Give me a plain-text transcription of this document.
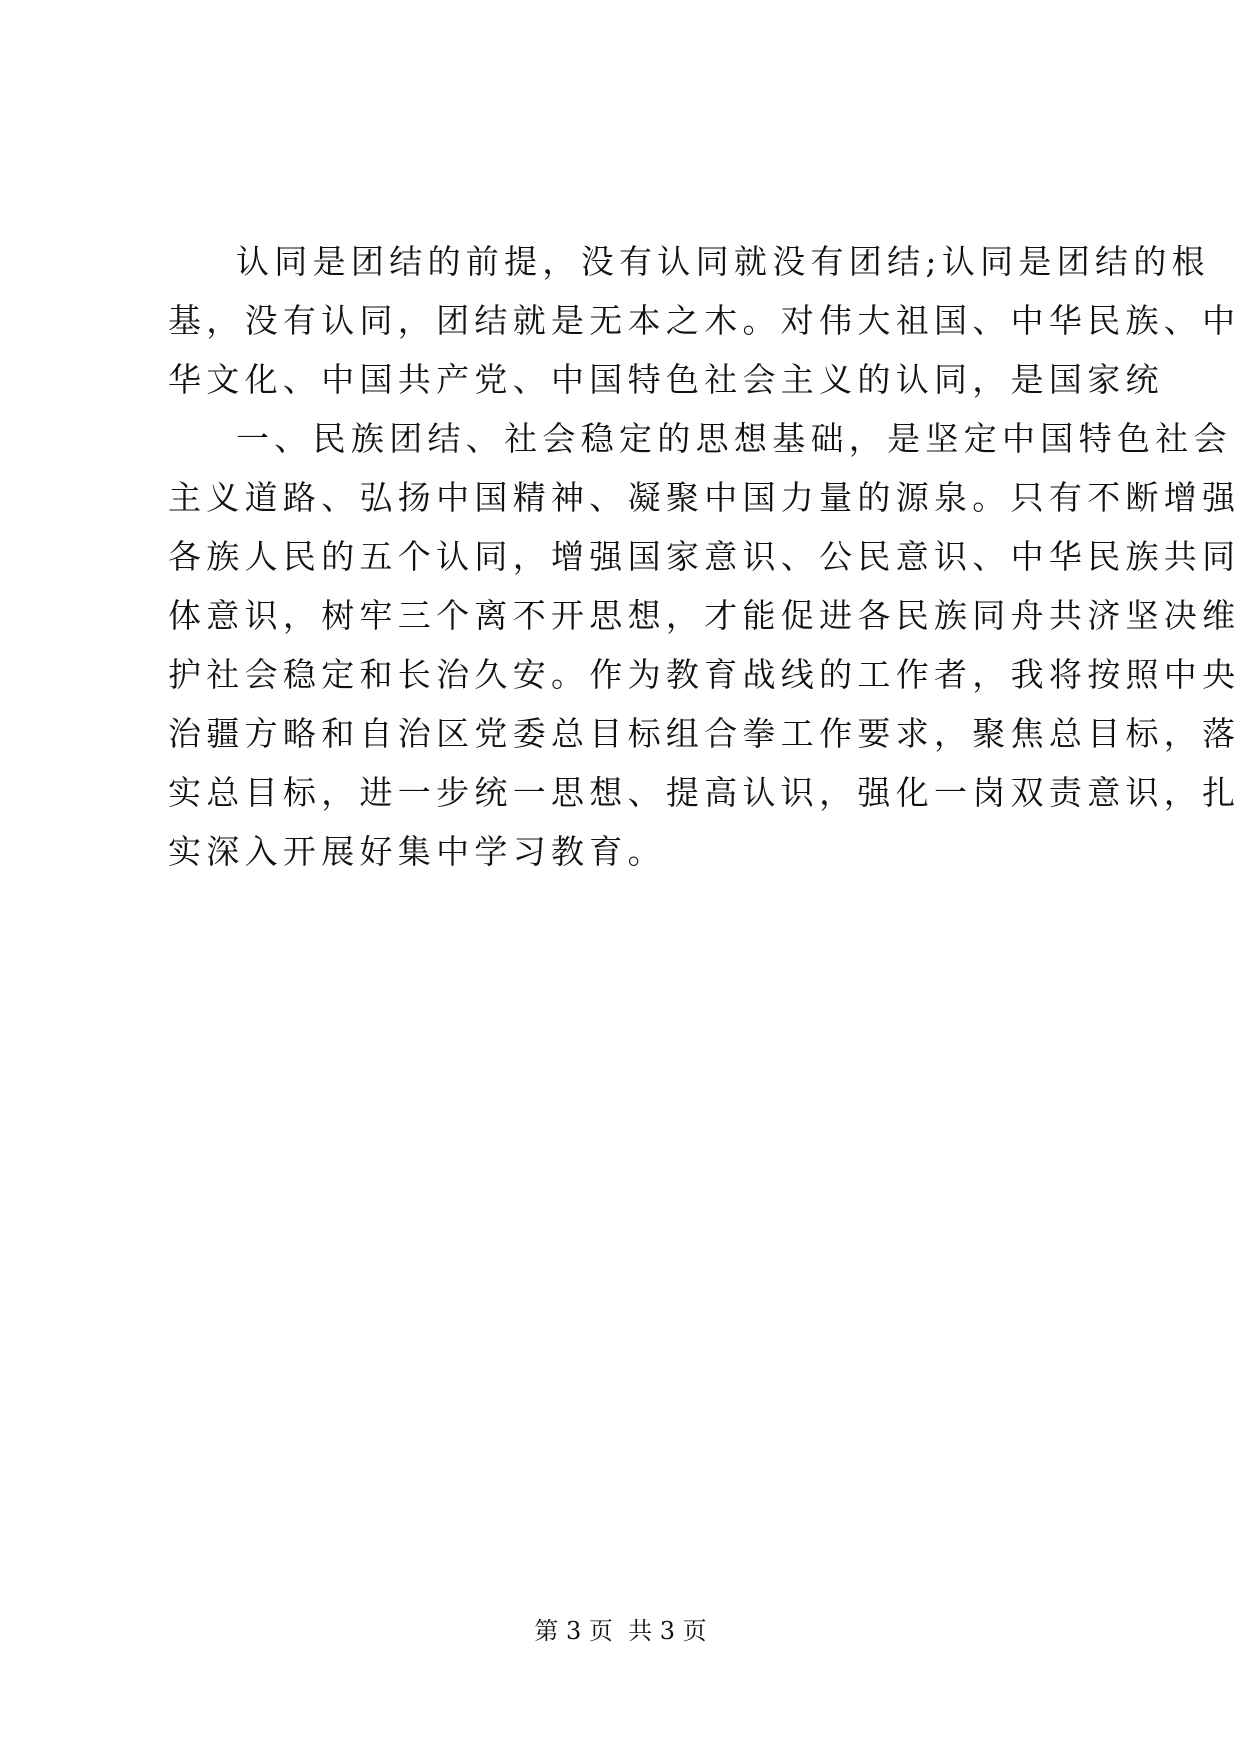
认同是团结的前提，没有认同就没有团结;认同是团结的根
基，没有认同，团结就是无本之木。对伟大祖国、中华民族、中
华文化、中国共产党、中国特色社会主义的认同，是国家统
一、民族团结、社会稳定的思想基础，是坚定中国特色社会
主义道路、弘扬中国精神、凝聚中国力量的源泉。只有不断增强
各族人民的五个认同，增强国家意识、公民意识、中华民族共同
体意识，树牢三个离不开思想，才能促进各民族同舟共济坚决维
护社会稳定和长治久安。作为教育战线的工作者，我将按照中央
治疆方略和自治区党委总目标组合拳工作要求，聚焦总目标，落
实总目标，进一步统一思想、提高认识，强化一岗双责意识，扎
实深入开展好集中学习教育。
第 3 页  共 3 页
